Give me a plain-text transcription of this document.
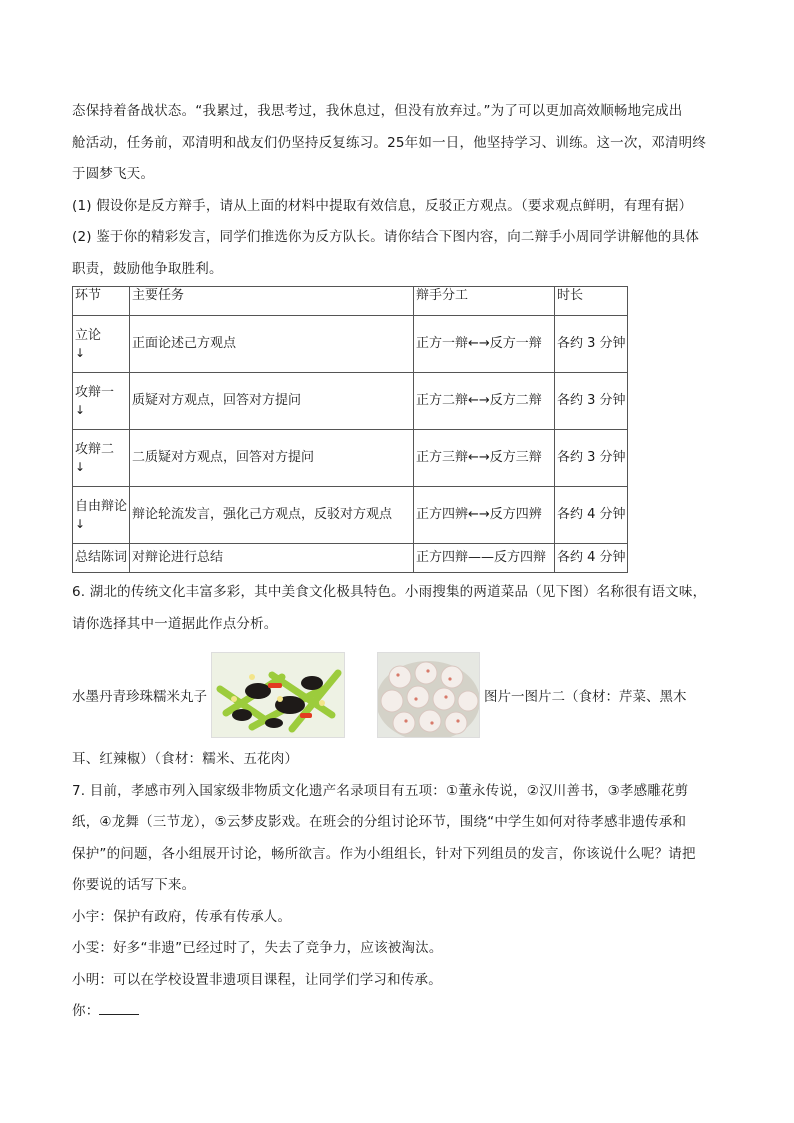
态保持着备战状态。“我累过，我思考过，我休息过，但没有放弃过。”为了可以更加高效顺畅地完成出

舱活动，任务前，邓清明和战友们仍坚持反复练习。25年如一日，他坚持学习、训练。这一次，邓清明终

于圆梦飞天。

(1) 假设你是反方辩手，请从上面的材料中提取有效信息，反驳正方观点。（要求观点鲜明，有理有据）

(2) 鉴于你的精彩发言，同学们推选你为反方队长。请你结合下图内容，向二辩手小周同学讲解他的具体

职责，鼓励他争取胜利。

环节	主要任务	辩手分工	时长
立论
↓	正面论述己方观点	正方一辩←→反方一辩	各约 3 分钟
攻辩一
↓	质疑对方观点，回答对方提问	正方二辩←→反方二辩	各约 3 分钟
攻辩二
↓	二质疑对方观点，回答对方提问	正方三辩←→反方三辩	各约 3 分钟
自由辩论
↓	辩论轮流发言，强化己方观点，反驳对方观点	正方四辨←→反方四辨	各约 4 分钟
总结陈词	对辩论进行总结	正方四辩——反方四辩	各约 4 分钟

6. 湖北的传统文化丰富多彩，其中美食文化极具特色。小雨搜集的两道菜品（见下图）名称很有语文味，

请你选择其中一道据此作点分析。

水墨丹青珍珠糯米丸子	图片一图片二（食材：芹菜、黑木

耳、红辣椒）（食材：糯米、五花肉）

7. 目前，孝感市列入国家级非物质文化遗产名录项目有五项：①董永传说，②汉川善书，③孝感雕花剪

纸，④龙舞（三节龙），⑤云梦皮影戏。在班会的分组讨论环节，围绕“中学生如何对待孝感非遗传承和

保护”的问题，各小组展开讨论，畅所欲言。作为小组组长，针对下列组员的发言，你该说什么呢？请把

你要说的话写下来。

小宇：保护有政府，传承有传承人。

小雯：好多“非遗”已经过时了，失去了竞争力，应该被淘汰。

小明：可以在学校设置非遗项目课程，让同学们学习和传承。

你：
